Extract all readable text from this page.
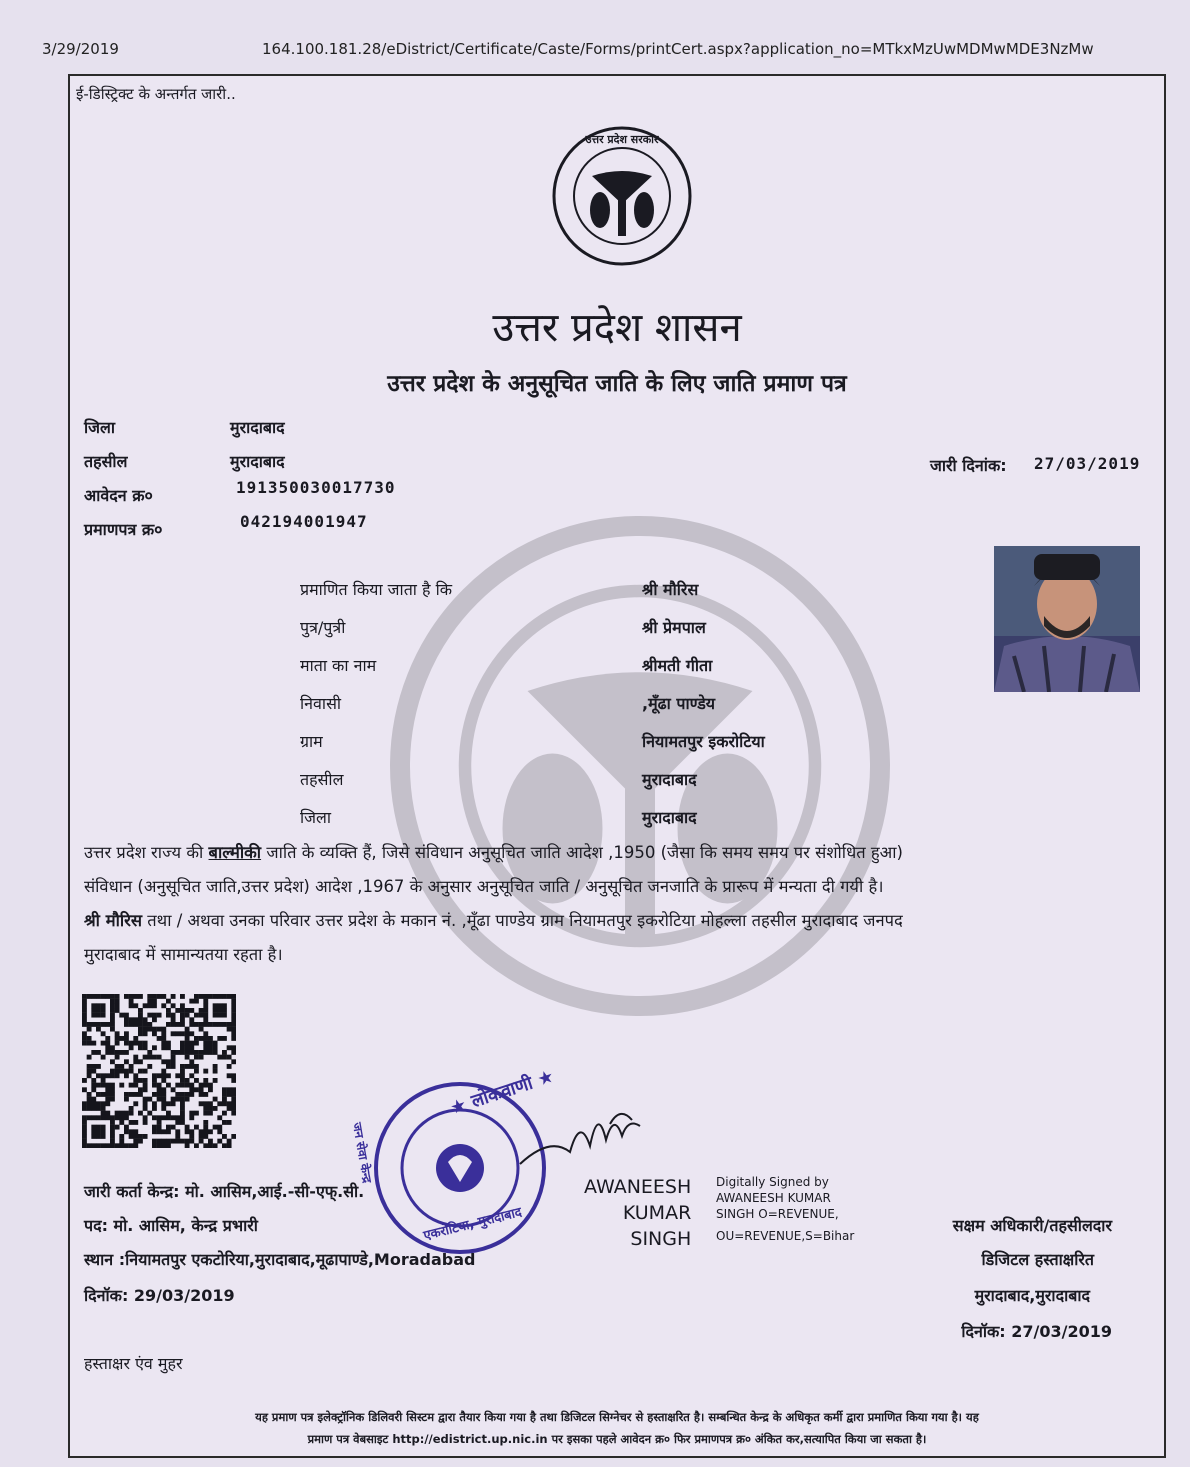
3/29/2019	164.100.181.28/eDistrict/Certificate/Caste/Forms/printCert.aspx?application_no=MTkxMzUwMDMwMDE3NzMw
ई-डिस्ट्रिक्ट के अन्तर्गत जारी..
उत्तर प्रदेश सरकार
उत्तर प्रदेश शासन
उत्तर प्रदेश के अनुसूचित जाति के लिए जाति प्रमाण पत्र
जिला	मुरादाबाद
तहसील	मुरादाबाद
आवेदन क्र०	191350030017730
प्रमाणपत्र क्र०	042194001947
जारी दिनांक: 27/03/2019
प्रमाणित किया जाता है कि	श्री मौरिस
पुत्र/पुत्री	श्री प्रेमपाल
माता का नाम	श्रीमती गीता
निवासी	,मूँढा पाण्डेय
ग्राम	नियामतपुर इकरोटिया
तहसील	मुरादाबाद
जिला	मुरादाबाद
उत्तर प्रदेश राज्य की बाल्मीकी जाति के व्यक्ति हैं, जिसे संविधान अनुसूचित जाति आदेश ,1950 (जैसा कि समय समय पर संशोधित हुआ)
संविधान (अनुसूचित जाति,उत्तर प्रदेश) आदेश ,1967 के अनुसार अनुसूचित जाति / अनुसूचित जनजाति के प्रारूप में मन्यता दी गयी है।
श्री मौरिस तथा / अथवा उनका परिवार उत्तर प्रदेश के मकान नं. ,मूँढा पाण्डेय ग्राम नियामतपुर इकरोटिया मोहल्ला तहसील मुरादाबाद जनपद
मुरादाबाद में सामान्यतया रहता है।
★ लोकवाणी ★
जन सेवा केन्द्र
एकरोटिया, मुरादाबाद
AWANEESH
KUMAR
SINGH
Digitally Signed by
AWANEESH KUMAR
SINGH O=REVENUE,
OU=REVENUE,S=Bihar
जारी कर्ता केन्द्र: मो. आसिम,आई.-सी-एफ्.सी.
पद: मो. आसिम, केन्द्र प्रभारी
स्थान :नियामतपुर एकटोरिया,मुरादाबाद,मूढापाण्डे,Moradabad
दिनॉक: 29/03/2019
हस्ताक्षर एंव मुहर
सक्षम अधिकारी/तहसीलदार
डिजिटल हस्ताक्षरित
मुरादाबाद,मुरादाबाद
दिनॉक: 27/03/2019
यह प्रमाण पत्र इलेक्ट्रॉनिक डिलिवरी सिस्टम द्वारा तैयार किया गया है तथा डिजिटल सिग्नेचर से हस्ताक्षरित है। सम्बन्धित केन्द्र के अधिकृत कर्मी द्वारा प्रमाणित किया गया है। यह
प्रमाण पत्र वेबसाइट http://edistrict.up.nic.in पर इसका पहले आवेदन क्र० फिर प्रमाणपत्र क्र० अंकित कर,सत्यापित किया जा सकता है।
